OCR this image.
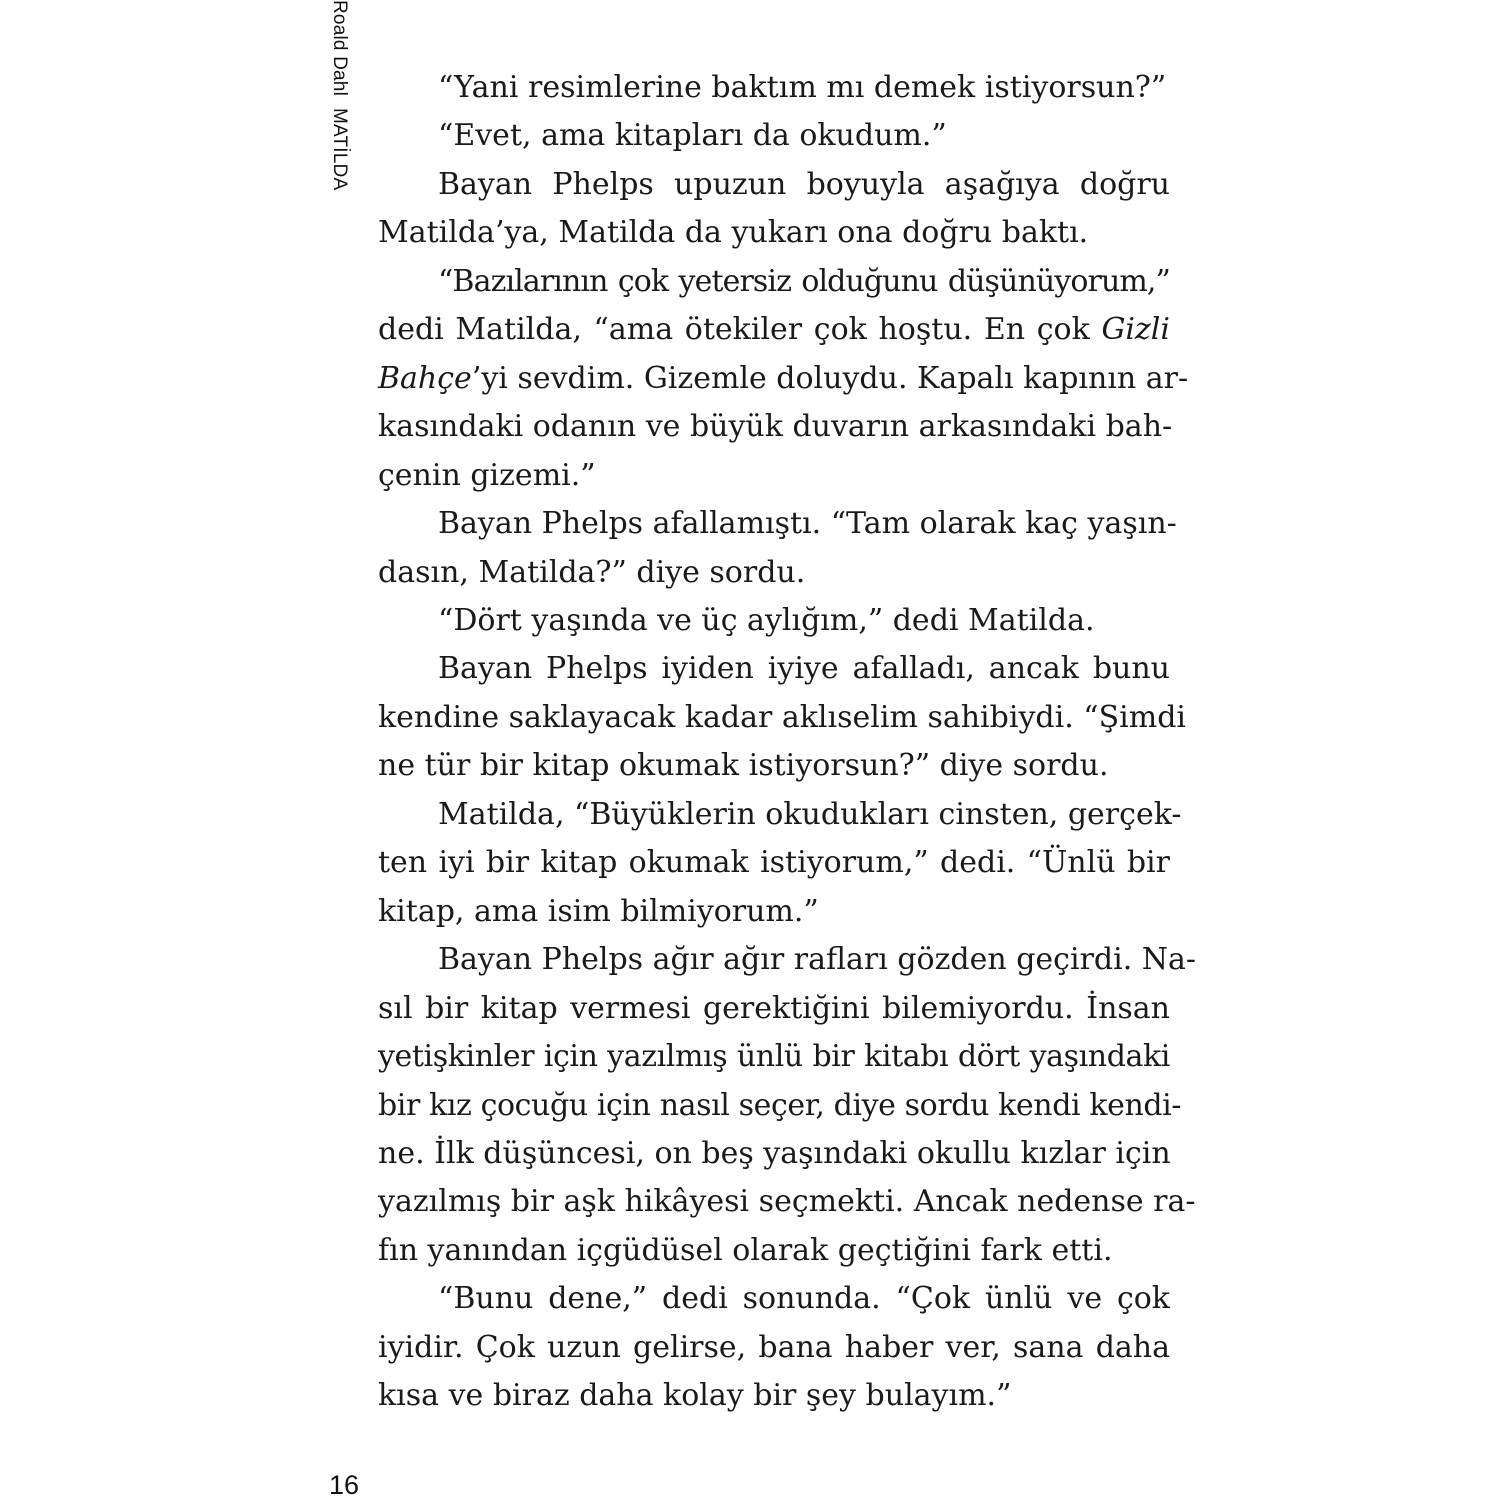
Roald DahlMATİLDA
“Yani resimlerine baktım mı demek istiyorsun?”
“Evet, ama kitapları da okudum.”
Bayan Phelps upuzun boyuyla aşağıya doğru
Matilda’ya, Matilda da yukarı ona doğru baktı.
“Bazılarının çok yetersiz olduğunu düşünüyorum,”
dedi Matilda, “ama ötekiler çok hoştu. En çok Gizli
Bahçe’yi sevdim. Gizemle doluydu. Kapalı kapının ar-
kasındaki odanın ve büyük duvarın arkasındaki bah-
çenin gizemi.”
Bayan Phelps afallamıştı. “Tam olarak kaç yaşın-
dasın, Matilda?” diye sordu.
“Dört yaşında ve üç aylığım,” dedi Matilda.
Bayan Phelps iyiden iyiye afalladı, ancak bunu
kendine saklayacak kadar aklıselim sahibiydi. “Şimdi
ne tür bir kitap okumak istiyorsun?” diye sordu.
Matilda, “Büyüklerin okudukları cinsten, gerçek-
ten iyi bir kitap okumak istiyorum,” dedi. “Ünlü bir
kitap, ama isim bilmiyorum.”
Bayan Phelps ağır ağır rafları gözden geçirdi. Na-
sıl bir kitap vermesi gerektiğini bilemiyordu. İnsan
yetişkinler için yazılmış ünlü bir kitabı dört yaşındaki
bir kız çocuğu için nasıl seçer, diye sordu kendi kendi-
ne. İlk düşüncesi, on beş yaşındaki okullu kızlar için
yazılmış bir aşk hikâyesi seçmekti. Ancak nedense ra-
fın yanından içgüdüsel olarak geçtiğini fark etti.
“Bunu dene,” dedi sonunda. “Çok ünlü ve çok
iyidir. Çok uzun gelirse, bana haber ver, sana daha
kısa ve biraz daha kolay bir şey bulayım.”
16
